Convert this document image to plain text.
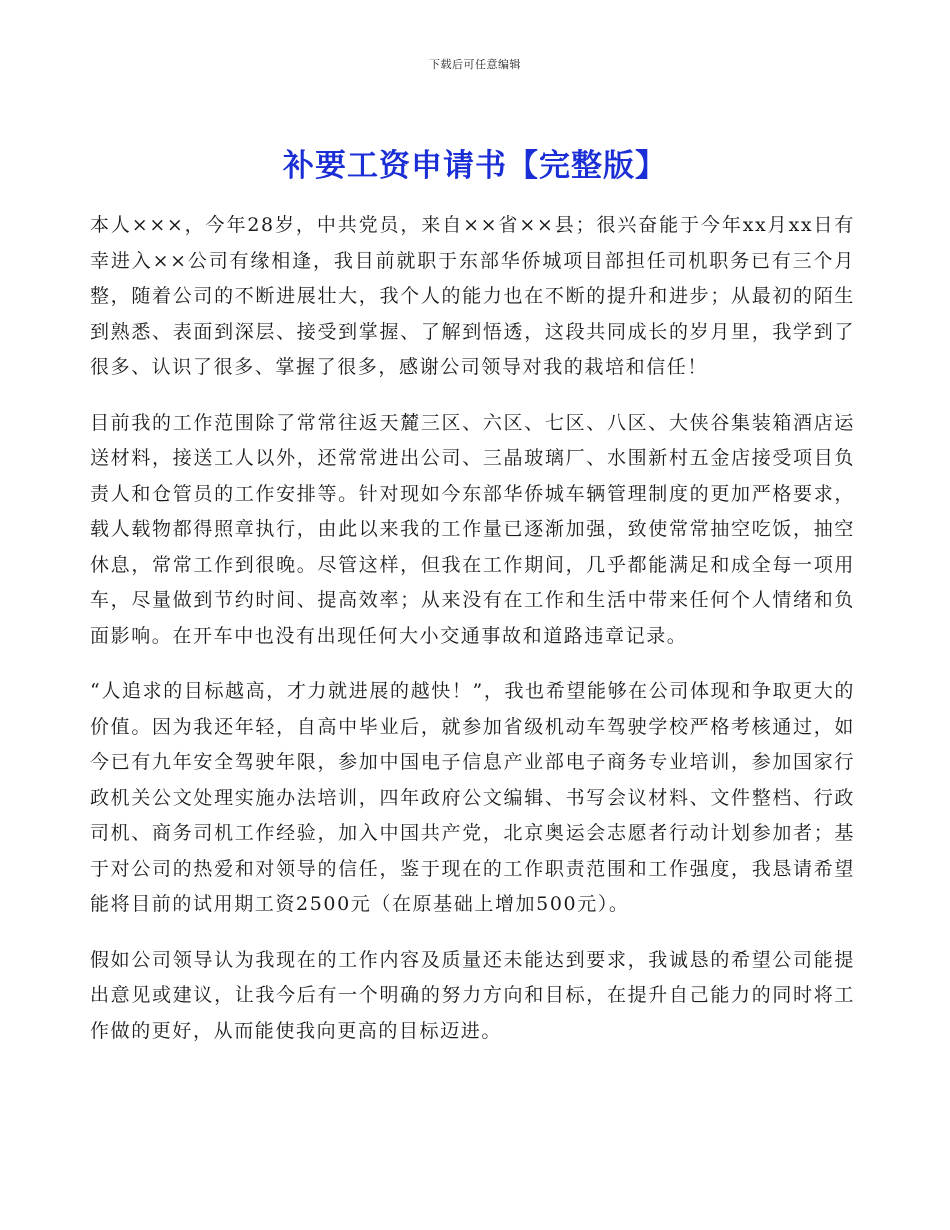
下载后可任意编辑
补要工资申请书【完整版】

本人×××，今年28岁，中共党员，来自××省××县；很兴奋能于今年xx月xx日有幸进入××公司有缘相逢，我目前就职于东部华侨城项目部担任司机职务已有三个月整，随着公司的不断进展壮大，我个人的能力也在不断的提升和进步；从最初的陌生到熟悉、表面到深层、接受到掌握、了解到悟透，这段共同成长的岁月里，我学到了很多、认识了很多、掌握了很多，感谢公司领导对我的栽培和信任！

目前我的工作范围除了常常往返天麓三区、六区、七区、八区、大侠谷集装箱酒店运送材料，接送工人以外，还常常进出公司、三晶玻璃厂、水围新村五金店接受项目负责人和仓管员的工作安排等。针对现如今东部华侨城车辆管理制度的更加严格要求，载人载物都得照章执行，由此以来我的工作量已逐渐加强，致使常常抽空吃饭，抽空休息，常常工作到很晚。尽管这样，但我在工作期间，几乎都能满足和成全每一项用车，尽量做到节约时间、提高效率；从来没有在工作和生活中带来任何个人情绪和负面影响。在开车中也没有出现任何大小交通事故和道路违章记录。

“人追求的目标越高，才力就进展的越快！”，我也希望能够在公司体现和争取更大的价值。因为我还年轻，自高中毕业后，就参加省级机动车驾驶学校严格考核通过，如今已有九年安全驾驶年限，参加中国电子信息产业部电子商务专业培训，参加国家行政机关公文处理实施办法培训，四年政府公文编辑、书写会议材料、文件整档、行政司机、商务司机工作经验，加入中国共产党，北京奥运会志愿者行动计划参加者；基于对公司的热爱和对领导的信任，鉴于现在的工作职责范围和工作强度，我恳请希望能将目前的试用期工资2500元（在原基础上增加500元）。

假如公司领导认为我现在的工作内容及质量还未能达到要求，我诚恳的希望公司能提出意见或建议，让我今后有一个明确的努力方向和目标，在提升自己能力的同时将工作做的更好，从而能使我向更高的目标迈进。
